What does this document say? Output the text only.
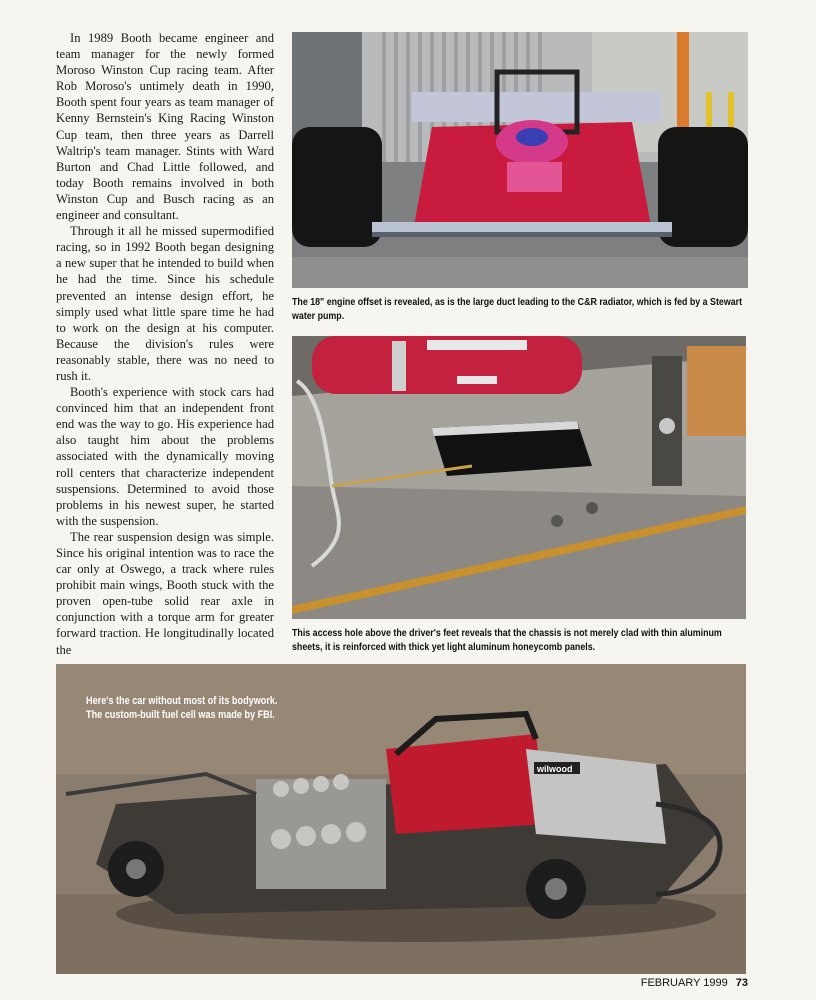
In 1989 Booth became engineer and team manager for the newly formed Moroso Winston Cup racing team. After Rob Moroso's untimely death in 1990, Booth spent four years as team manager of Kenny Bernstein's King Racing Winston Cup team, then three years as Darrell Waltrip's team manager. Stints with Ward Burton and Chad Little followed, and today Booth remains involved in both Winston Cup and Busch racing as an engineer and consultant.

Through it all he missed supermodified racing, so in 1992 Booth began designing a new super that he intended to build when he had the time. Since his schedule prevented an intense design effort, he simply used what little spare time he had to work on the design at his computer. Because the division's rules were reasonably stable, there was no need to rush it.

Booth's experience with stock cars had convinced him that an independent front end was the way to go. His experience had also taught him about the problems associated with the dynamically moving roll centers that characterize independent suspensions. Determined to avoid those problems in his newest super, he started with the suspension.

The rear suspension design was simple. Since his original intention was to race the car only at Oswego, a track where rules prohibit main wings, Booth stuck with the proven open-tube solid rear axle in conjunction with a torque arm for greater forward traction. He longitudinally located the

The 18" engine offset is revealed, as is the large duct leading to the C&R radiator, which is fed by a Stewart water pump.
This access hole above the driver's feet reveals that the chassis is not merely clad with thin aluminum sheets, it is reinforced with thick yet light aluminum honeycomb panels.
wilwood
Here's the car without most of its bodywork.
The custom-built fuel cell was made by FBI.
FEBRUARY 1999 73
